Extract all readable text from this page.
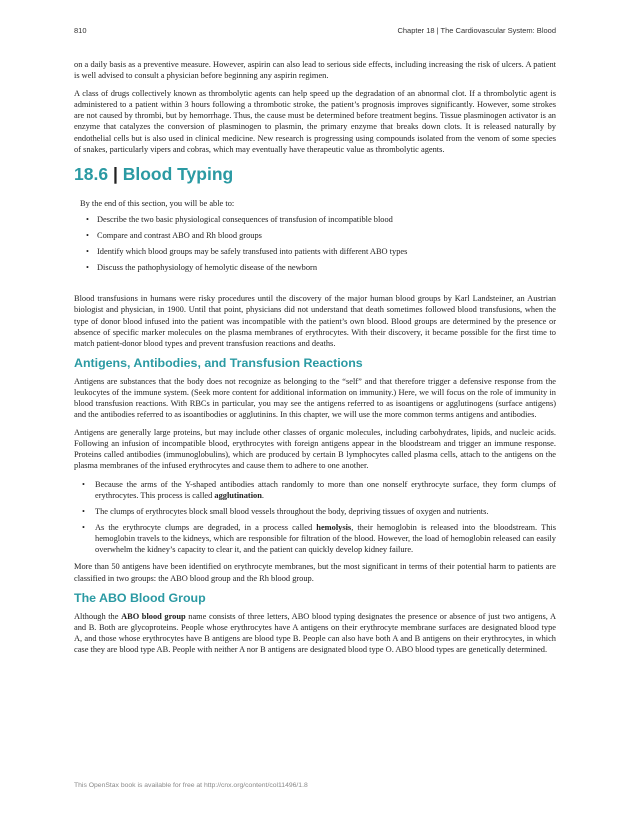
810	Chapter 18 | The Cardiovascular System: Blood

on a daily basis as a preventive measure. However, aspirin can also lead to serious side effects, including increasing the risk of ulcers. A patient is well advised to consult a physician before beginning any aspirin regimen.

A class of drugs collectively known as thrombolytic agents can help speed up the degradation of an abnormal clot. If a thrombolytic agent is administered to a patient within 3 hours following a thrombotic stroke, the patient’s prognosis improves significantly. However, some strokes are not caused by thrombi, but by hemorrhage. Thus, the cause must be determined before treatment begins. Tissue plasminogen activator is an enzyme that catalyzes the conversion of plasminogen to plasmin, the primary enzyme that breaks down clots. It is released naturally by endothelial cells but is also used in clinical medicine. New research is progressing using compounds isolated from the venom of some species of snakes, particularly vipers and cobras, which may eventually have therapeutic value as thrombolytic agents.

18.6 | Blood Typing
By the end of this section, you will be able to:
• Describe the two basic physiological consequences of transfusion of incompatible blood
• Compare and contrast ABO and Rh blood groups
• Identify which blood groups may be safely transfused into patients with different ABO types
• Discuss the pathophysiology of hemolytic disease of the newborn

Blood transfusions in humans were risky procedures until the discovery of the major human blood groups by Karl Landsteiner, an Austrian biologist and physician, in 1900. Until that point, physicians did not understand that death sometimes followed blood transfusions, when the type of donor blood infused into the patient was incompatible with the patient’s own blood. Blood groups are determined by the presence or absence of specific marker molecules on the plasma membranes of erythrocytes. With their discovery, it became possible for the first time to match patient-donor blood types and prevent transfusion reactions and deaths.

Antigens, Antibodies, and Transfusion Reactions

Antigens are substances that the body does not recognize as belonging to the “self” and that therefore trigger a defensive response from the leukocytes of the immune system. (Seek more content for additional information on immunity.) Here, we will focus on the role of immunity in blood transfusion reactions. With RBCs in particular, you may see the antigens referred to as isoantigens or agglutinogens (surface antigens) and the antibodies referred to as isoantibodies or agglutinins. In this chapter, we will use the more common terms antigens and antibodies.

Antigens are generally large proteins, but may include other classes of organic molecules, including carbohydrates, lipids, and nucleic acids. Following an infusion of incompatible blood, erythrocytes with foreign antigens appear in the bloodstream and trigger an immune response. Proteins called antibodies (immunoglobulins), which are produced by certain B lymphocytes called plasma cells, attach to the antigens on the plasma membranes of the infused erythrocytes and cause them to adhere to one another.

• Because the arms of the Y-shaped antibodies attach randomly to more than one nonself erythrocyte surface, they form clumps of erythrocytes. This process is called agglutination.
• The clumps of erythrocytes block small blood vessels throughout the body, depriving tissues of oxygen and nutrients.
• As the erythrocyte clumps are degraded, in a process called hemolysis, their hemoglobin is released into the bloodstream. This hemoglobin travels to the kidneys, which are responsible for filtration of the blood. However, the load of hemoglobin released can easily overwhelm the kidney’s capacity to clear it, and the patient can quickly develop kidney failure.

More than 50 antigens have been identified on erythrocyte membranes, but the most significant in terms of their potential harm to patients are classified in two groups: the ABO blood group and the Rh blood group.

The ABO Blood Group

Although the ABO blood group name consists of three letters, ABO blood typing designates the presence or absence of just two antigens, A and B. Both are glycoproteins. People whose erythrocytes have A antigens on their erythrocyte membrane surfaces are designated blood type A, and those whose erythrocytes have B antigens are blood type B. People can also have both A and B antigens on their erythrocytes, in which case they are blood type AB. People with neither A nor B antigens are designated blood type O. ABO blood types are genetically determined.

This OpenStax book is available for free at http://cnx.org/content/col11496/1.8
